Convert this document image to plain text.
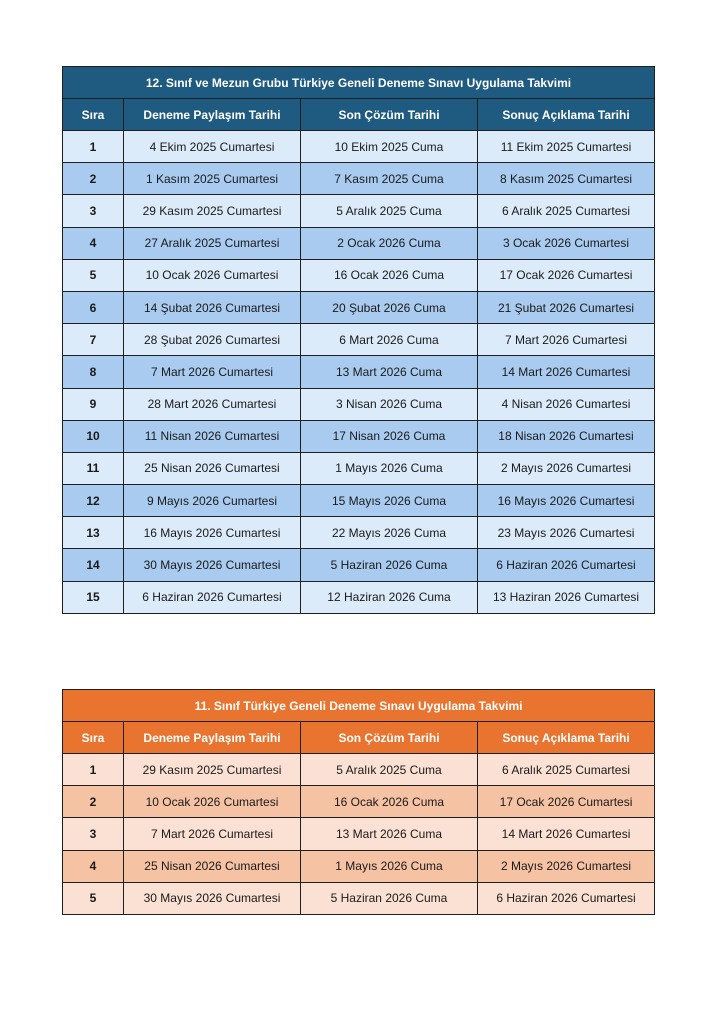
12. Sınıf ve Mezun Grubu Türkiye Geneli Deneme Sınavı Uygulama Takvimi			
Sıra	Deneme Paylaşım Tarihi	Son Çözüm Tarihi	Sonuç Açıklama Tarihi
1	4 Ekim 2025 Cumartesi	10 Ekim 2025 Cuma	11 Ekim 2025 Cumartesi
2	1 Kasım 2025 Cumartesi	7 Kasım 2025 Cuma	8 Kasım 2025 Cumartesi
3	29 Kasım 2025 Cumartesi	5 Aralık 2025 Cuma	6 Aralık 2025 Cumartesi
4	27 Aralık 2025 Cumartesi	2 Ocak 2026 Cuma	3 Ocak 2026 Cumartesi
5	10 Ocak 2026 Cumartesi	16 Ocak 2026 Cuma	17 Ocak 2026 Cumartesi
6	14 Şubat 2026 Cumartesi	20 Şubat 2026 Cuma	21 Şubat 2026 Cumartesi
7	28 Şubat 2026 Cumartesi	6 Mart 2026 Cuma	7 Mart 2026 Cumartesi
8	7 Mart 2026 Cumartesi	13 Mart 2026 Cuma	14 Mart 2026 Cumartesi
9	28 Mart 2026 Cumartesi	3 Nisan 2026 Cuma	4 Nisan 2026 Cumartesi
10	11 Nisan 2026 Cumartesi	17 Nisan 2026 Cuma	18 Nisan 2026 Cumartesi
11	25 Nisan 2026 Cumartesi	1 Mayıs 2026 Cuma	2 Mayıs 2026 Cumartesi
12	9 Mayıs 2026 Cumartesi	15 Mayıs 2026 Cuma	16 Mayıs 2026 Cumartesi
13	16 Mayıs 2026 Cumartesi	22 Mayıs 2026 Cuma	23 Mayıs 2026 Cumartesi
14	30 Mayıs 2026 Cumartesi	5 Haziran 2026 Cuma	6 Haziran 2026 Cumartesi
15	6 Haziran 2026 Cumartesi	12 Haziran 2026 Cuma	13 Haziran 2026 Cumartesi
11. Sınıf Türkiye Geneli Deneme Sınavı Uygulama Takvimi			
Sıra	Deneme Paylaşım Tarihi	Son Çözüm Tarihi	Sonuç Açıklama Tarihi
1	29 Kasım 2025 Cumartesi	5 Aralık 2025 Cuma	6 Aralık 2025 Cumartesi
2	10 Ocak 2026 Cumartesi	16 Ocak 2026 Cuma	17 Ocak 2026 Cumartesi
3	7 Mart 2026 Cumartesi	13 Mart 2026 Cuma	14 Mart 2026 Cumartesi
4	25 Nisan 2026 Cumartesi	1 Mayıs 2026 Cuma	2 Mayıs 2026 Cumartesi
5	30 Mayıs 2026 Cumartesi	5 Haziran 2026 Cuma	6 Haziran 2026 Cumartesi
